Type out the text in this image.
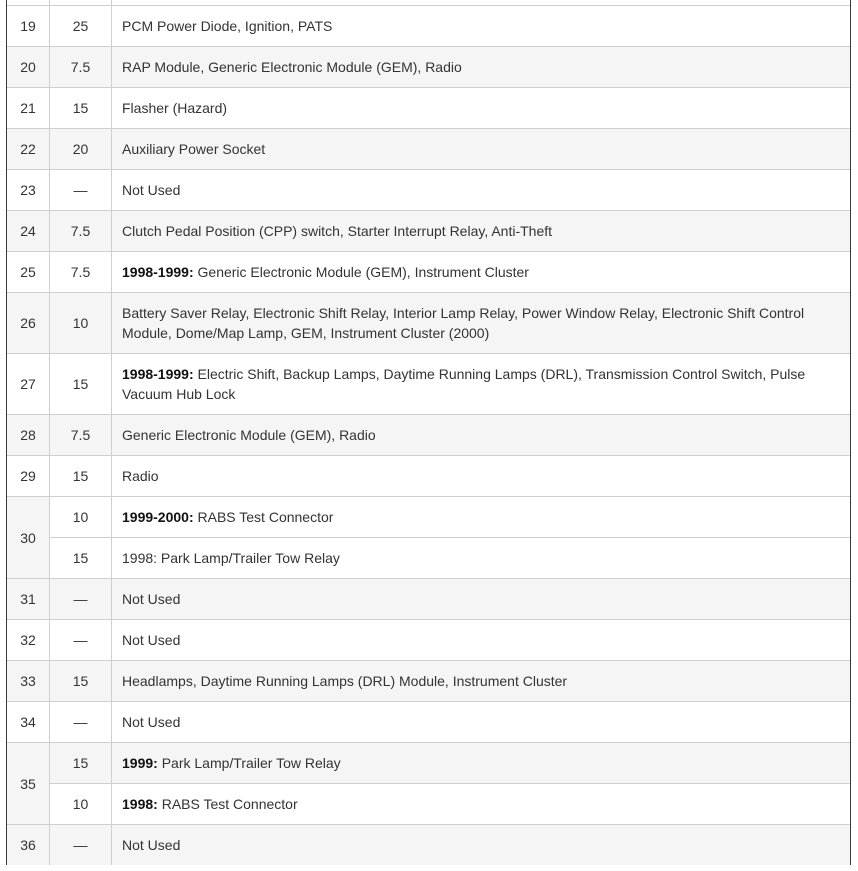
19	25	PCM Power Diode, Ignition, PATS
20	7.5	RAP Module, Generic Electronic Module (GEM), Radio
21	15	Flasher (Hazard)
22	20	Auxiliary Power Socket
23	—	Not Used
24	7.5	Clutch Pedal Position (CPP) switch, Starter Interrupt Relay, Anti-Theft
25	7.5	1998-1999: Generic Electronic Module (GEM), Instrument Cluster
26	10	Battery Saver Relay, Electronic Shift Relay, Interior Lamp Relay, Power Window Relay, Electronic Shift Control Module, Dome/Map Lamp, GEM, Instrument Cluster (2000)
27	15	1998-1999: Electric Shift, Backup Lamps, Daytime Running Lamps (DRL), Transmission Control Switch, Pulse Vacuum Hub Lock
28	7.5	Generic Electronic Module (GEM), Radio
29	15	Radio
30	10	1999-2000: RABS Test Connector
	15	1998: Park Lamp/Trailer Tow Relay
31	—	Not Used
32	—	Not Used
33	15	Headlamps, Daytime Running Lamps (DRL) Module, Instrument Cluster
34	—	Not Used
35	15	1999: Park Lamp/Trailer Tow Relay
	10	1998: RABS Test Connector
36	—	Not Used
